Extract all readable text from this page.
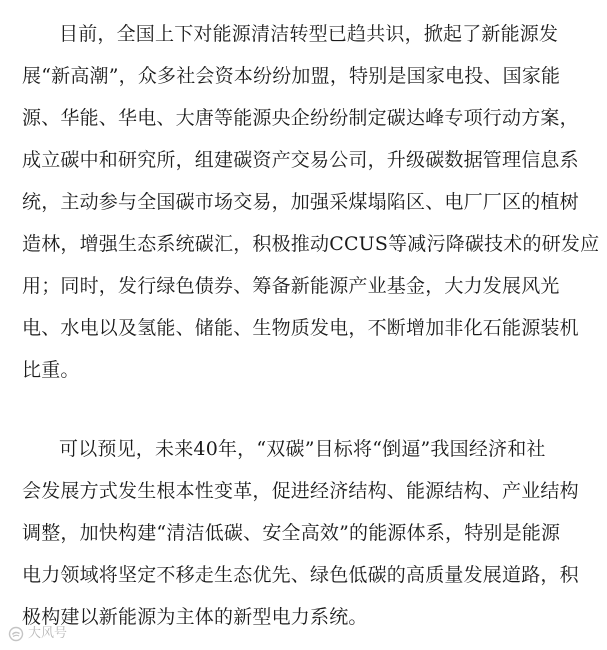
目前，全国上下对能源清洁转型已趋共识，掀起了新能源发
展“新高潮”，众多社会资本纷纷加盟，特别是国家电投、国家能
源、华能、华电、大唐等能源央企纷纷制定碳达峰专项行动方案，
成立碳中和研究所，组建碳资产交易公司，升级碳数据管理信息系
统，主动参与全国碳市场交易，加强采煤塌陷区、电厂厂区的植树
造林，增强生态系统碳汇，积极推动CCUS等减污降碳技术的研发应
用；同时，发行绿色债券、筹备新能源产业基金，大力发展风光
电、水电以及氢能、储能、生物质发电，不断增加非化石能源装机
比重。
可以预见，未来40年，“双碳”目标将“倒逼”我国经济和社
会发展方式发生根本性变革，促进经济结构、能源结构、产业结构
调整，加快构建“清洁低碳、安全高效”的能源体系，特别是能源
电力领域将坚定不移走生态优先、绿色低碳的高质量发展道路，积
极构建以新能源为主体的新型电力系统。
大风号
